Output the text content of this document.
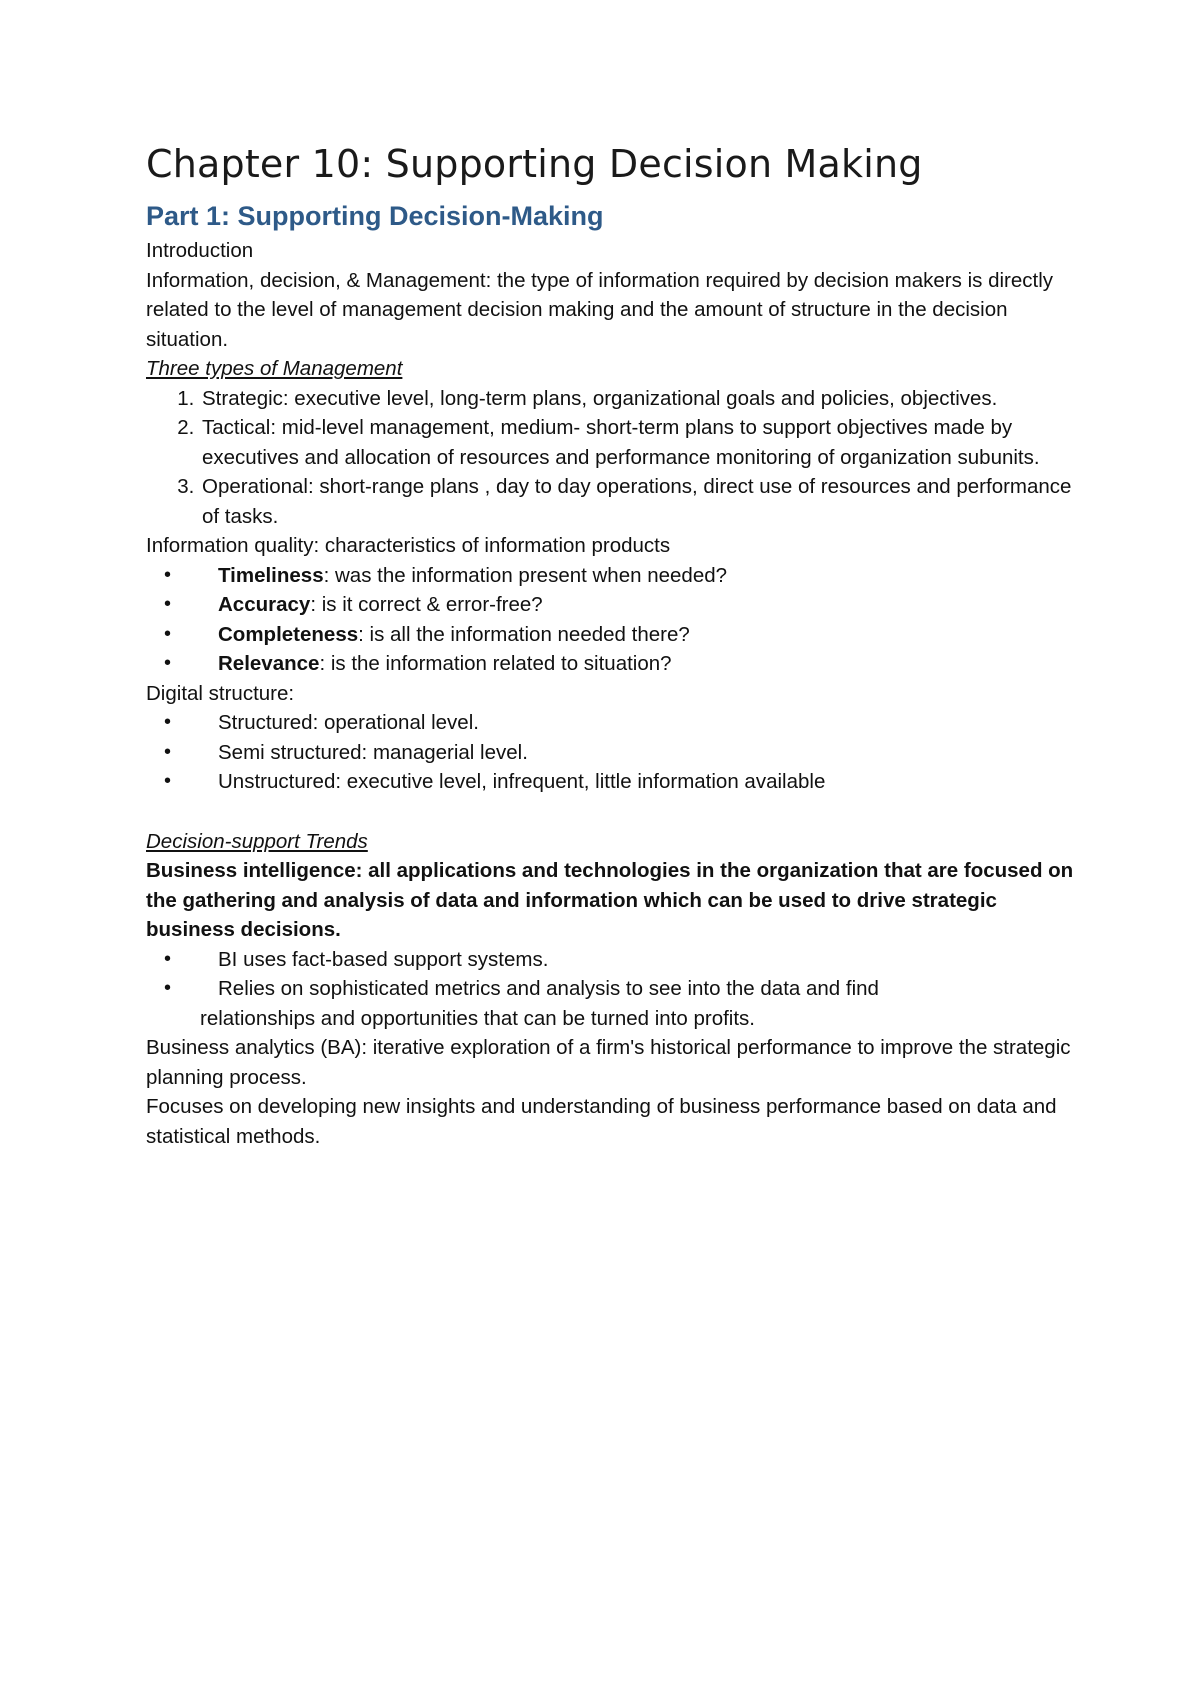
Chapter 10: Supporting Decision Making
Part 1: Supporting Decision-Making

Introduction

Information, decision, & Management: the type of information required by decision makers is directly related to the level of management decision making and the amount of structure in the decision situation.

Three types of Management

1. Strategic: executive level, long-term plans, organizational goals and policies, objectives.
2. Tactical: mid-level management, medium- short-term plans to support objectives made by executives and allocation of resources and performance monitoring of organization subunits.
3. Operational: short-range plans , day to day operations, direct use of resources and performance of tasks.

Information quality: characteristics of information products

• Timeliness: was the information present when needed?
• Accuracy: is it correct & error-free?
• Completeness: is all the information needed there?
• Relevance: is the information related to situation?

Digital structure:

• Structured: operational level.
• Semi structured: managerial level.
• Unstructured: executive level, infrequent, little information available

Decision-support Trends

Business intelligence: all applications and technologies in the organization that are focused on the gathering and analysis of data and information which can be used to drive strategic business decisions.

• BI uses fact-based support systems.
• Relies on sophisticated metrics and analysis to see into the data and find
relationships and opportunities that can be turned into profits.

Business analytics (BA): iterative exploration of a firm's historical performance to improve the strategic planning process.

Focuses on developing new insights and understanding of business performance based on data and statistical methods.
